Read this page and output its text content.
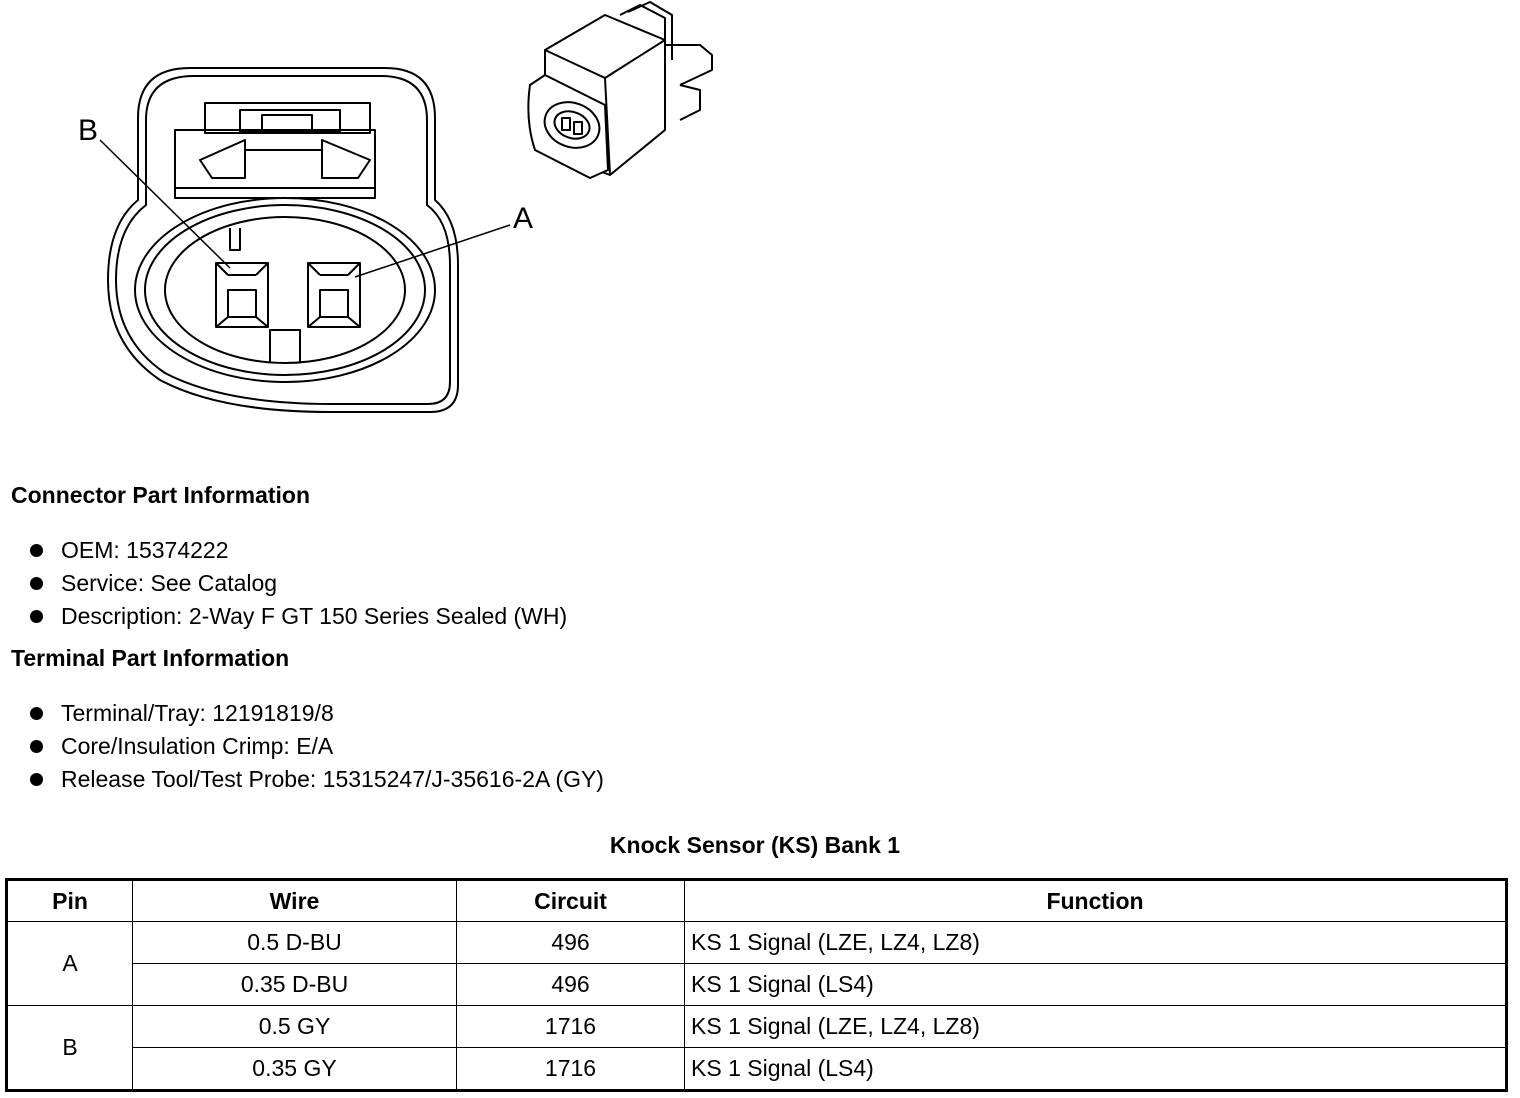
B
A
Connector Part Information
OEM: 15374222
Service: See Catalog
Description: 2-Way F GT 150 Series Sealed (WH)
Terminal Part Information
Terminal/Tray: 12191819/8
Core/Insulation Crimp: E/A
Release Tool/Test Probe: 15315247/J-35616-2A (GY)
Knock Sensor (KS) Bank 1
Pin	Wire	Circuit	Function
A	0.5 D-BU	496	KS 1 Signal (LZE, LZ4, LZ8)
	0.35 D-BU	496	KS 1 Signal (LS4)
B	0.5 GY	1716	KS 1 Signal (LZE, LZ4, LZ8)
	0.35 GY	1716	KS 1 Signal (LS4)
